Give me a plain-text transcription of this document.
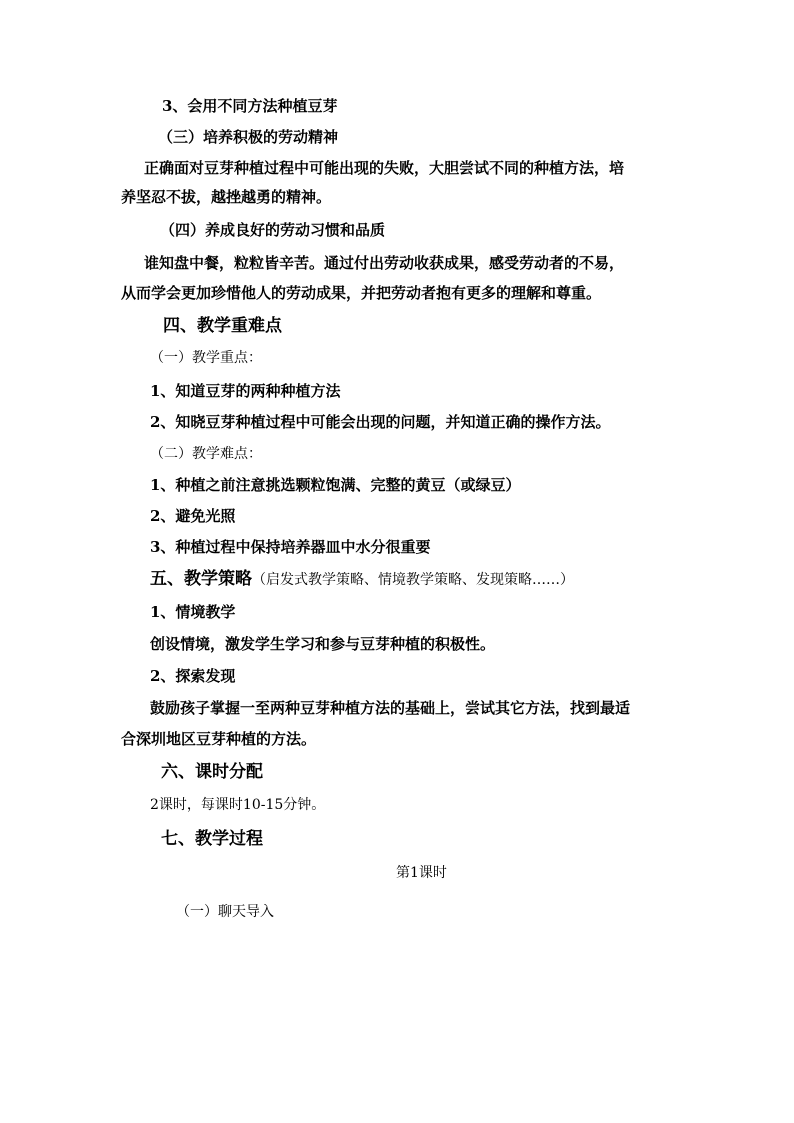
3、会用不同方法种植豆芽

（三）培养积极的劳动精神

正确面对豆芽种植过程中可能出现的失败，大胆尝试不同的种植方法，培

养坚忍不拔，越挫越勇的精神。

（四）养成良好的劳动习惯和品质

谁知盘中餐，粒粒皆辛苦。通过付出劳动收获成果，感受劳动者的不易，

从而学会更加珍惜他人的劳动成果，并把劳动者抱有更多的理解和尊重。

四、教学重难点

（一）教学重点：

1、知道豆芽的两种种植方法

2、知晓豆芽种植过程中可能会出现的问题，并知道正确的操作方法。

（二）教学难点：

1、种植之前注意挑选颗粒饱满、完整的黄豆（或绿豆）

2、避免光照

3、种植过程中保持培养器皿中水分很重要

五、教学策略（启发式教学策略、情境教学策略、发现策略……）

1、情境教学

创设情境，激发学生学习和参与豆芽种植的积极性。

2、探索发现

鼓励孩子掌握一至两种豆芽种植方法的基础上，尝试其它方法，找到最适

合深圳地区豆芽种植的方法。

六、课时分配

2课时，每课时10-15分钟。

七、教学过程

第1课时

（一）聊天导入
